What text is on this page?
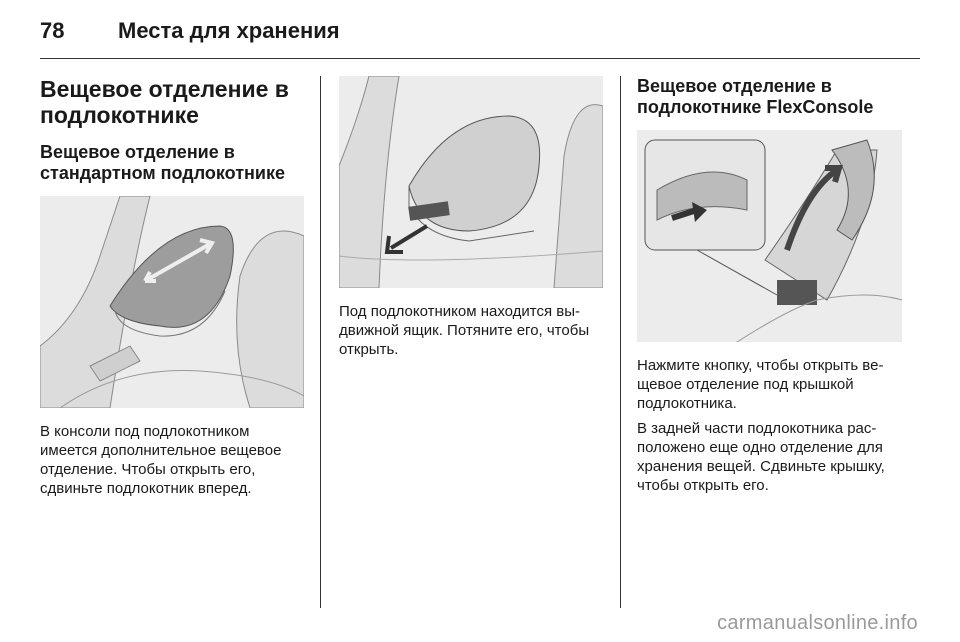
78 Места для хранения
Вещевое отделение в подлокотнике
Вещевое отделение в стандартном подлокотнике

В консоли под подлокотником имеется дополнительное вещевое отделение. Чтобы открыть его, сдвиньте подлокотник вперед.

Под подлокотником находится вы-движной ящик. Потяните его, чтобы открыть.

Вещевое отделение в подлокотнике FlexConsole

Нажмите кнопку, чтобы открыть ве-щевое отделение под крышкой подлокотника.

В задней части подлокотника рас-положено еще одно отделение для хранения вещей. Сдвиньте крышку, чтобы открыть его.

carmanualsonline.info
